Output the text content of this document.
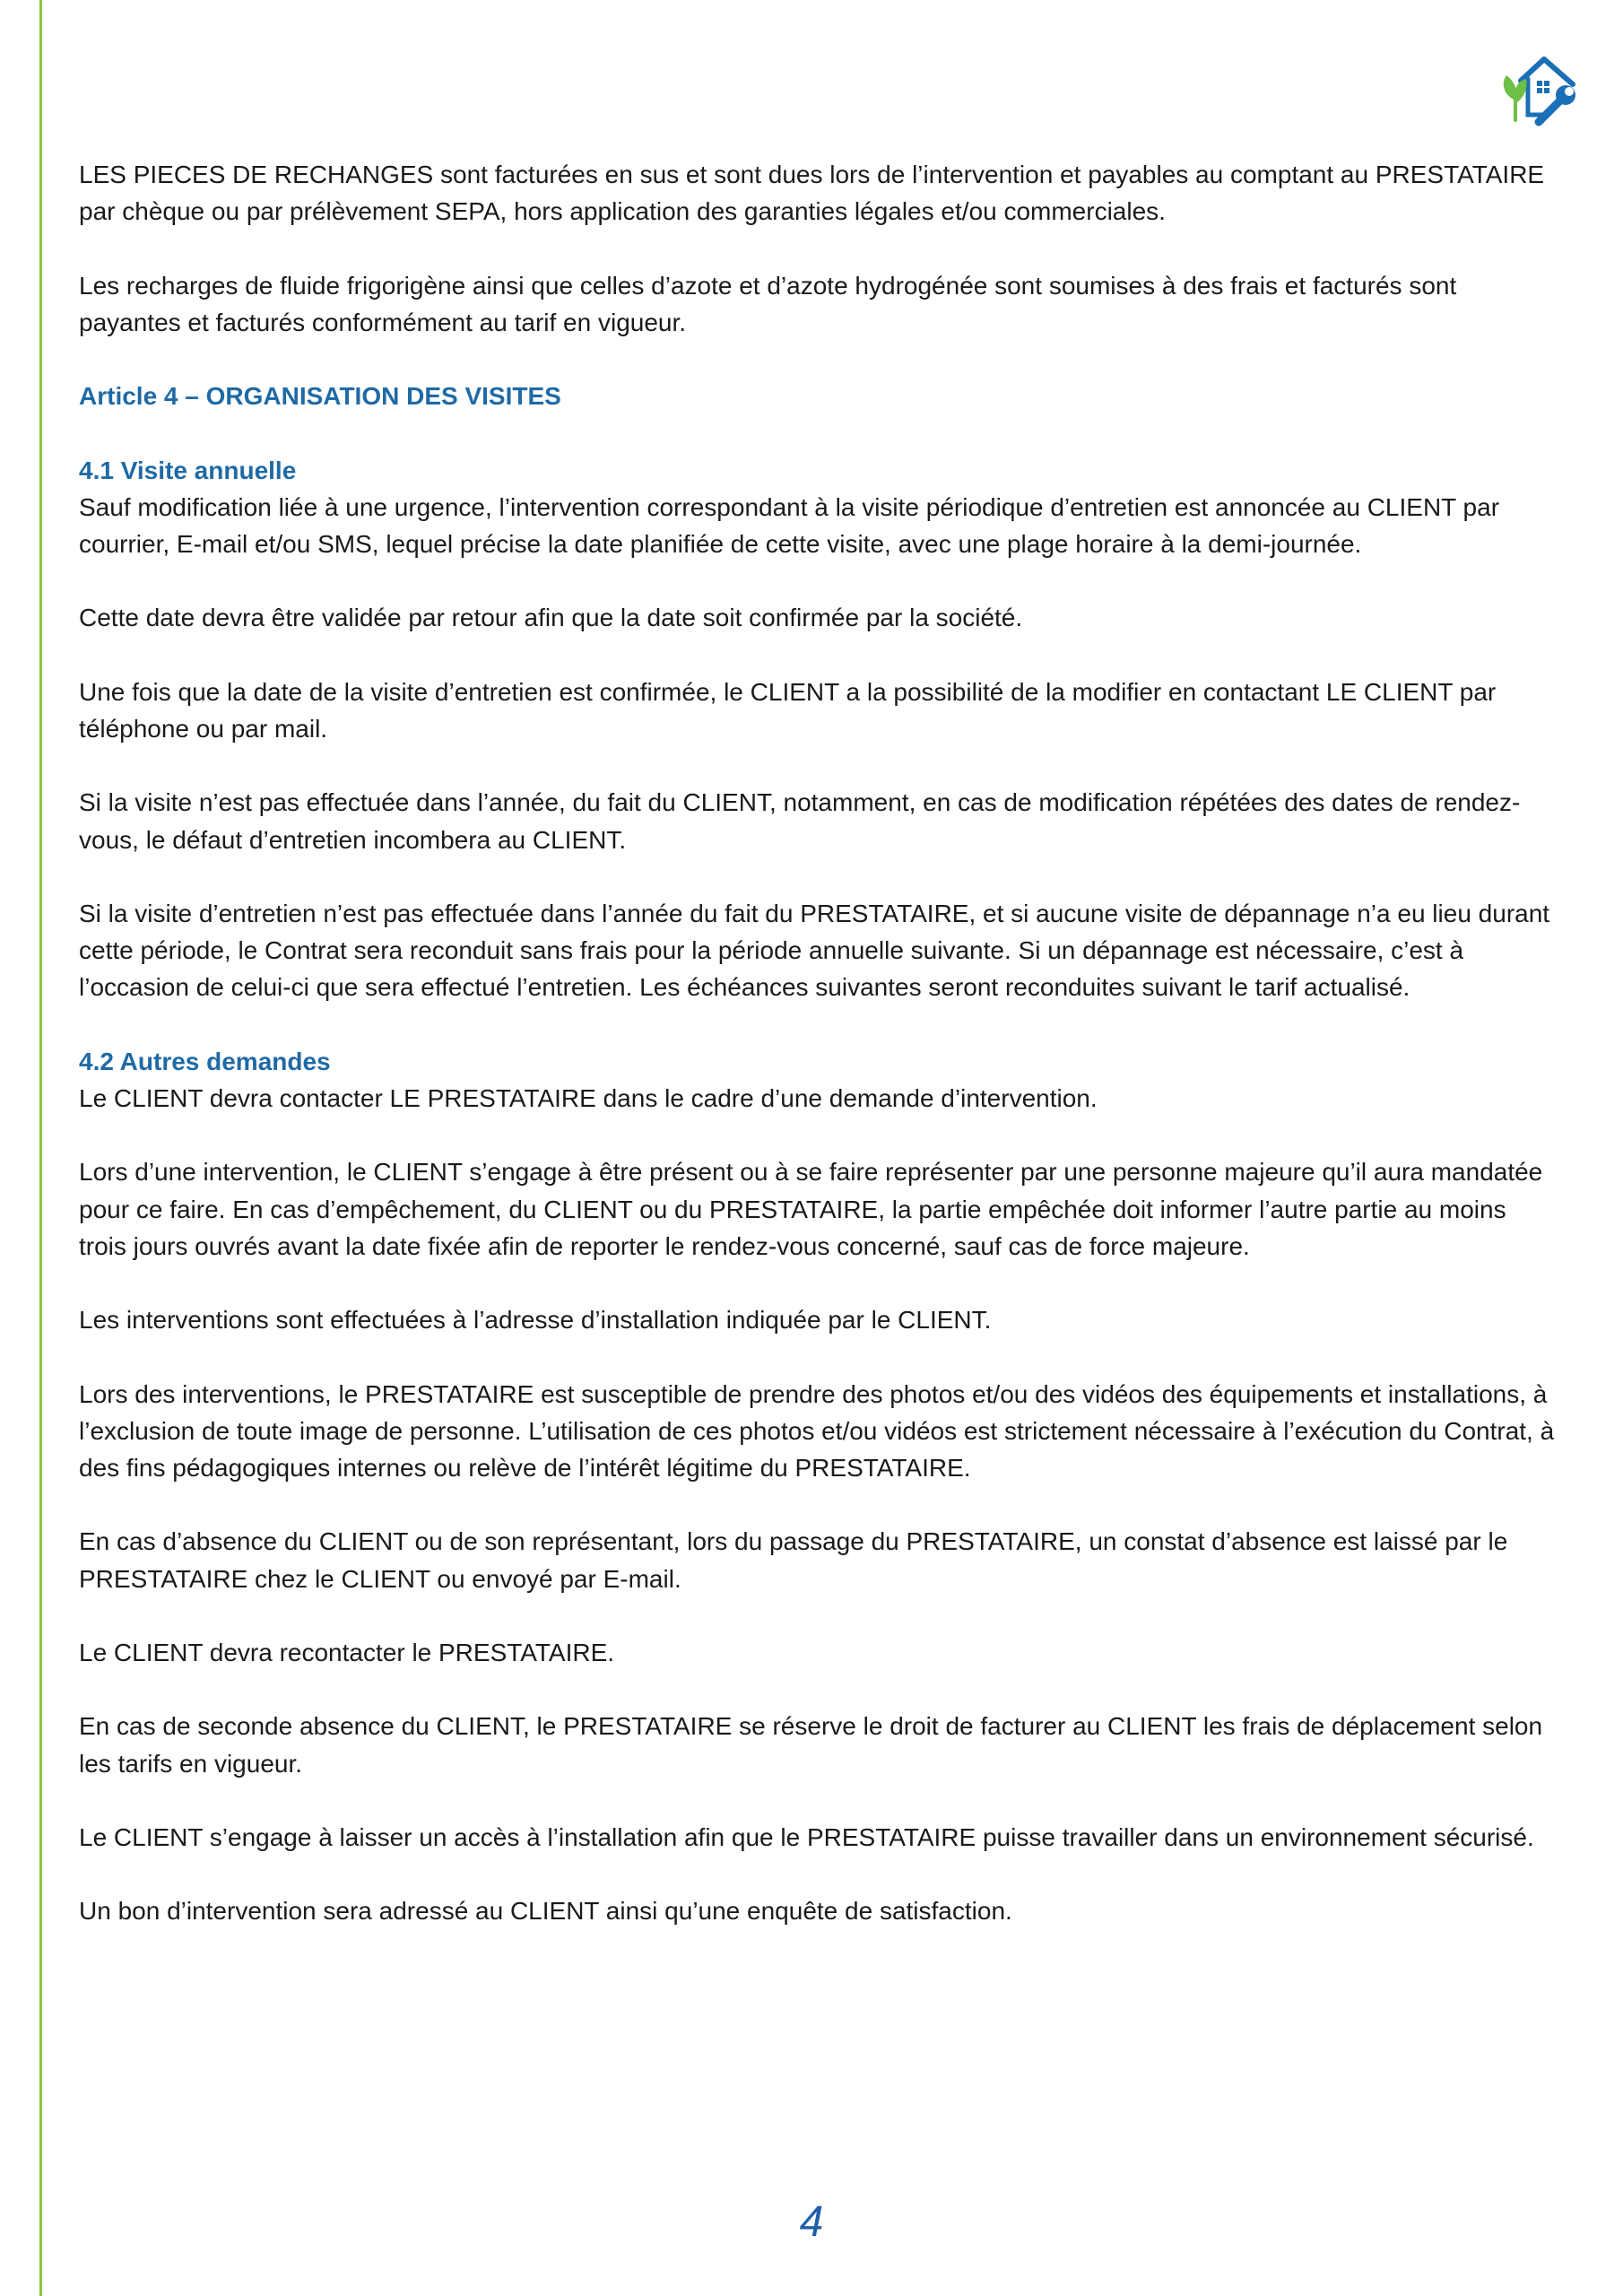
LES PIECES DE RECHANGES sont facturées en sus et sont dues lors de l’intervention et payables au comptant au PRESTATAIRE par chèque ou par prélèvement SEPA, hors application des garanties légales et/ou commerciales.

Les recharges de fluide frigorigène ainsi que celles d’azote et d’azote hydrogénée sont soumises à des frais et facturés sont payantes et facturés conformément au tarif en vigueur.

Article 4 – ORGANISATION DES VISITES
4.1 Visite annuelle

Sauf modification liée à une urgence, l’intervention correspondant à la visite périodique d’entretien est annoncée au CLIENT par courrier, E-mail et/ou SMS, lequel précise la date planifiée de cette visite, avec une plage horaire à la demi-journée.

Cette date devra être validée par retour afin que la date soit confirmée par la société.

Une fois que la date de la visite d’entretien est confirmée, le CLIENT a la possibilité de la modifier en contactant LE CLIENT par téléphone ou par mail.

Si la visite n’est pas effectuée dans l’année, du fait du CLIENT, notamment, en cas de modification répétées des dates de rendez-vous, le défaut d’entretien incombera au CLIENT.

Si la visite d’entretien n’est pas effectuée dans l’année du fait du PRESTATAIRE, et si aucune visite de dépannage n’a eu lieu durant cette période, le Contrat sera reconduit sans frais pour la période annuelle suivante. Si un dépannage est nécessaire, c’est à l’occasion de celui-ci que sera effectué l’entretien. Les échéances suivantes seront reconduites suivant le tarif actualisé.

4.2 Autres demandes

Le CLIENT devra contacter LE PRESTATAIRE dans le cadre d’une demande d’intervention.

Lors d’une intervention, le CLIENT s’engage à être présent ou à se faire représenter par une personne majeure qu’il aura mandatée pour ce faire. En cas d’empêchement, du CLIENT ou du PRESTATAIRE, la partie empêchée doit informer l’autre partie au moins trois jours ouvrés avant la date fixée afin de reporter le rendez-vous concerné, sauf cas de force majeure.

Les interventions sont effectuées à l’adresse d’installation indiquée par le CLIENT.

Lors des interventions, le PRESTATAIRE est susceptible de prendre des photos et/ou des vidéos des équipements et installations, à l’exclusion de toute image de personne. L’utilisation de ces photos et/ou vidéos est strictement nécessaire à l’exécution du Contrat, à des fins pédagogiques internes ou relève de l’intérêt légitime du PRESTATAIRE.

En cas d’absence du CLIENT ou de son représentant, lors du passage du PRESTATAIRE, un constat d’absence est laissé par le PRESTATAIRE chez le CLIENT ou envoyé par E-mail.

Le CLIENT devra recontacter le PRESTATAIRE.

En cas de seconde absence du CLIENT, le PRESTATAIRE se réserve le droit de facturer au CLIENT les frais de déplacement selon les tarifs en vigueur.

Le CLIENT s’engage à laisser un accès à l’installation afin que le PRESTATAIRE puisse travailler dans un environnement sécurisé.

Un bon d’intervention sera adressé au CLIENT ainsi qu’une enquête de satisfaction.

4
